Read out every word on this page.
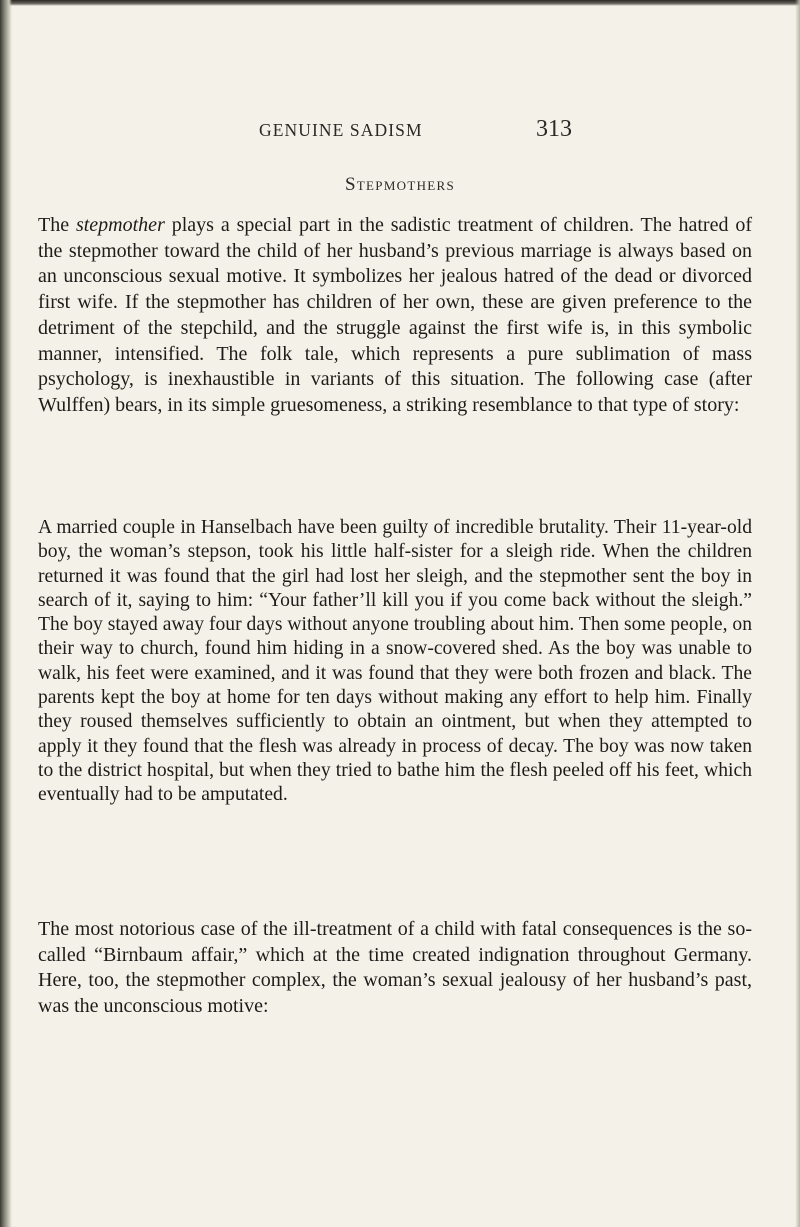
GENUINE SADISM	313
Stepmothers

The stepmother plays a special part in the sadistic treatment of children. The hatred of the stepmother toward the child of her husband’s previous marriage is always based on an unconscious sexual motive. It symbolizes her jealous hatred of the dead or divorced first wife. If the stepmother has children of her own, these are given preference to the detriment of the stepchild, and the struggle against the first wife is, in this symbolic manner, intensified. The folk tale, which represents a pure sublimation of mass psychology, is inexhaustible in variants of this situation. The following case (after Wulffen) bears, in its simple gruesomeness, a striking resemblance to that type of story:

A married couple in Hanselbach have been guilty of incredible brutality. Their 11-year-old boy, the woman’s stepson, took his little half-sister for a sleigh ride. When the children returned it was found that the girl had lost her sleigh, and the stepmother sent the boy in search of it, saying to him: “Your father’ll kill you if you come back without the sleigh.” The boy stayed away four days without anyone troubling about him. Then some people, on their way to church, found him hiding in a snow-covered shed. As the boy was unable to walk, his feet were examined, and it was found that they were both frozen and black. The parents kept the boy at home for ten days without making any effort to help him. Finally they roused themselves sufficiently to obtain an ointment, but when they attempted to apply it they found that the flesh was already in process of decay. The boy was now taken to the district hospital, but when they tried to bathe him the flesh peeled off his feet, which eventually had to be amputated.

The most notorious case of the ill-treatment of a child with fatal consequences is the so-called “Birnbaum affair,” which at the time created indignation throughout Germany. Here, too, the stepmother complex, the woman’s sexual jealousy of her husband’s past, was the unconscious motive:
